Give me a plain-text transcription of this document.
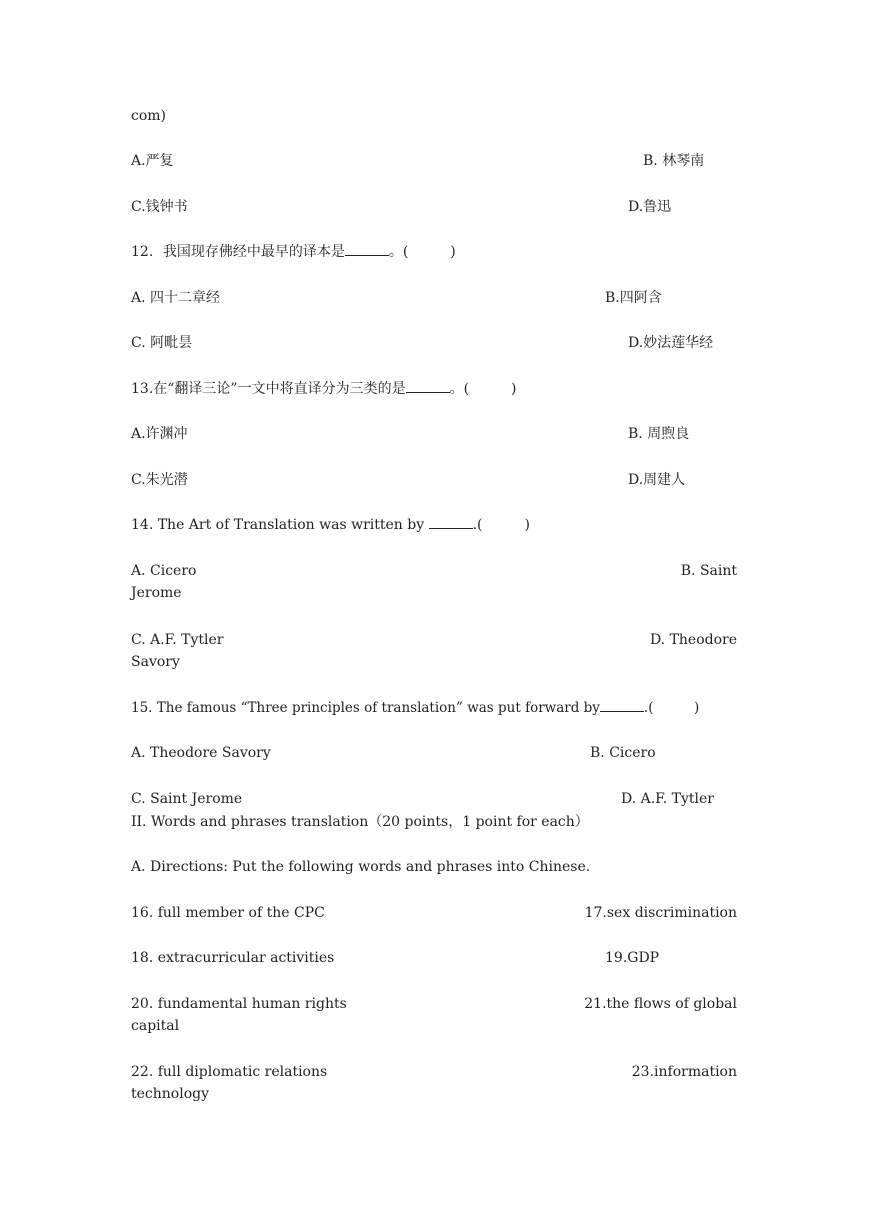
com)
A.严复	B. 林琴南
C.钱钟书	D.鲁迅
12．我国现存佛经中最早的译本是	。(　　　)
A. 四十二章经	B.四阿含
C. 阿毗昙	D.妙法莲华经
13.在“翻译三论”一文中将直译分为三类的是	。(　　　)
A.许渊冲	B. 周煦良
C.朱光潜	D.周建人
14. The Art of Translation was written by	.(　　　)
A. Cicero	B. Saint
Jerome
C. A.F. Tytler	D. Theodore
Savory
15. The famous “Three principles of translation” was put forward by	.(　　　)
A. Theodore Savory	B. Cicero
C. Saint Jerome	D. A.F. Tytler
II. Words and phrases translation（20 points，1 point for each）
A. Directions: Put the following words and phrases into Chinese.
16. full member of the CPC	17.sex discrimination
18. extracurricular activities	19.GDP
20. fundamental human rights	21.the flows of global
capital
22. full diplomatic relations	23.information
technology
